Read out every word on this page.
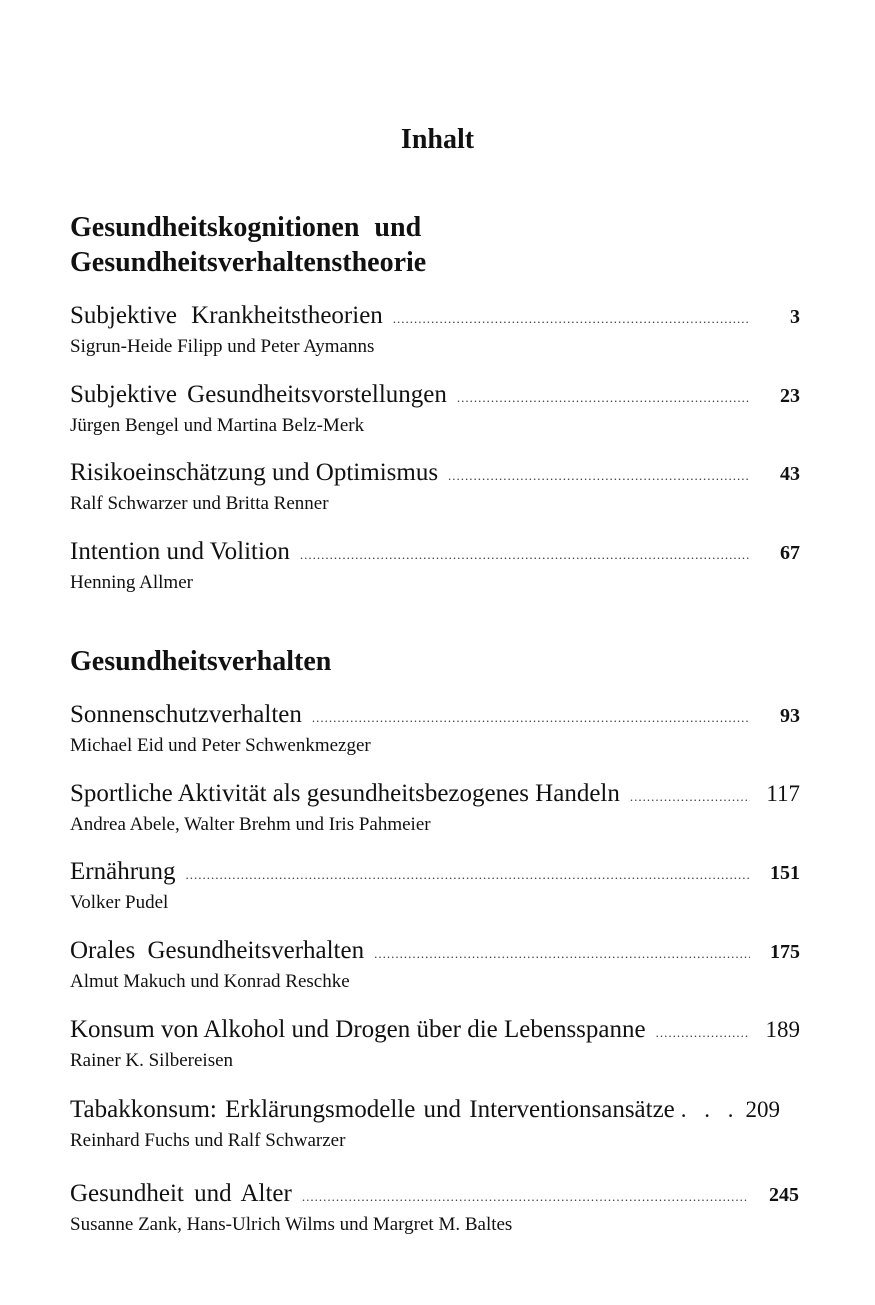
Inhalt
Gesundheitskognitionen und
Gesundheitsverhaltenstheorie
Subjektive Krankheitstheorien .....	3
Sigrun-Heide Filipp und Peter Aymanns
Subjektive Gesundheitsvorstellungen .....	23
Jürgen Bengel und Martina Belz-Merk
Risikoeinschätzung und Optimismus .....	43
Ralf Schwarzer und Britta Renner
Intention und Volition .....	67
Henning Allmer
Gesundheitsverhalten
Sonnenschutzverhalten .....	93
Michael Eid und Peter Schwenkmezger
Sportliche Aktivität als gesundheitsbezogenes Handeln .....	117
Andrea Abele, Walter Brehm und Iris Pahmeier
Ernährung .....	151
Volker Pudel
Orales Gesundheitsverhalten .....	175
Almut Makuch und Konrad Reschke
Konsum von Alkohol und Drogen über die Lebensspanne .....	189
Rainer K. Silbereisen
Tabakkonsum: Erklärungsmodelle und Interventionsansätze . . . 209
Reinhard Fuchs und Ralf Schwarzer
Gesundheit und Alter .....	245
Susanne Zank, Hans-Ulrich Wilms und Margret M. Baltes
